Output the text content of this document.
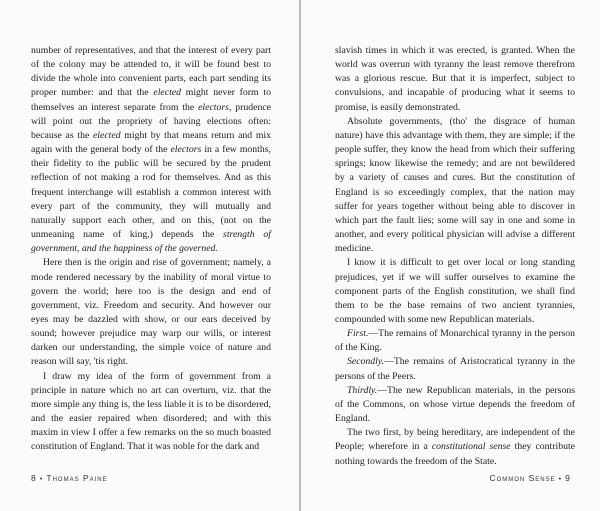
number of representatives, and that the interest of every part of the colony may be attended to, it will be found best to divide the whole into convenient parts, each part sending its proper number: and that the elected might never form to themselves an interest separate from the electors, prudence will point out the propriety of having elections often: because as the elected might by that means return and mix again with the general body of the electors in a few months, their fidelity to the public will be secured by the prudent reflection of not making a rod for themselves. And as this frequent interchange will establish a common interest with every part of the community, they will mutually and naturally support each other, and on this, (not on the unmeaning name of king,) depends the strength of government, and the happiness of the governed.

Here then is the origin and rise of government; namely, a mode rendered necessary by the inability of moral virtue to govern the world; here too is the design and end of government, viz. Freedom and security. And however our eyes may be dazzled with show, or our ears deceived by sound; however prejudice may warp our wills, or interest darken our understanding, the simple voice of nature and reason will say, 'tis right.

I draw my idea of the form of government from a principle in nature which no art can overturn, viz. that the more simple any thing is, the less liable it is to be disordered, and the easier repaired when disordered; and with this maxim in view I offer a few remarks on the so much boasted constitution of England. That it was noble for the dark and

slavish times in which it was erected, is granted. When the world was overrun with tyranny the least remove therefrom was a glorious rescue. But that it is imperfect, subject to convulsions, and incapable of producing what it seems to promise, is easily demonstrated.

Absolute governments, (tho' the disgrace of human nature) have this advantage with them, they are simple; if the people suffer, they know the head from which their suffering springs; know likewise the remedy; and are not bewildered by a variety of causes and cures. But the constitution of England is so exceedingly complex, that the nation may suffer for years together without being able to discover in which part the fault lies; some will say in one and some in another, and every political physician will advise a different medicine.

I know it is difficult to get over local or long standing prejudices, yet if we will suffer ourselves to examine the component parts of the English constitution, we shall find them to be the base remains of two ancient tyrannies, compounded with some new Republican materials.

First.—The remains of Monarchical tyranny in the person of the King.

Secondly.—The remains of Aristocratical tyranny in the persons of the Peers.

Thirdly.—The new Republican materials, in the persons of the Commons, on whose virtue depends the freedom of England.

The two first, by being hereditary, are independent of the People; wherefore in a constitutional sense they contribute nothing towards the freedom of the State.

8 • Thomas Paine	Common Sense • 9
